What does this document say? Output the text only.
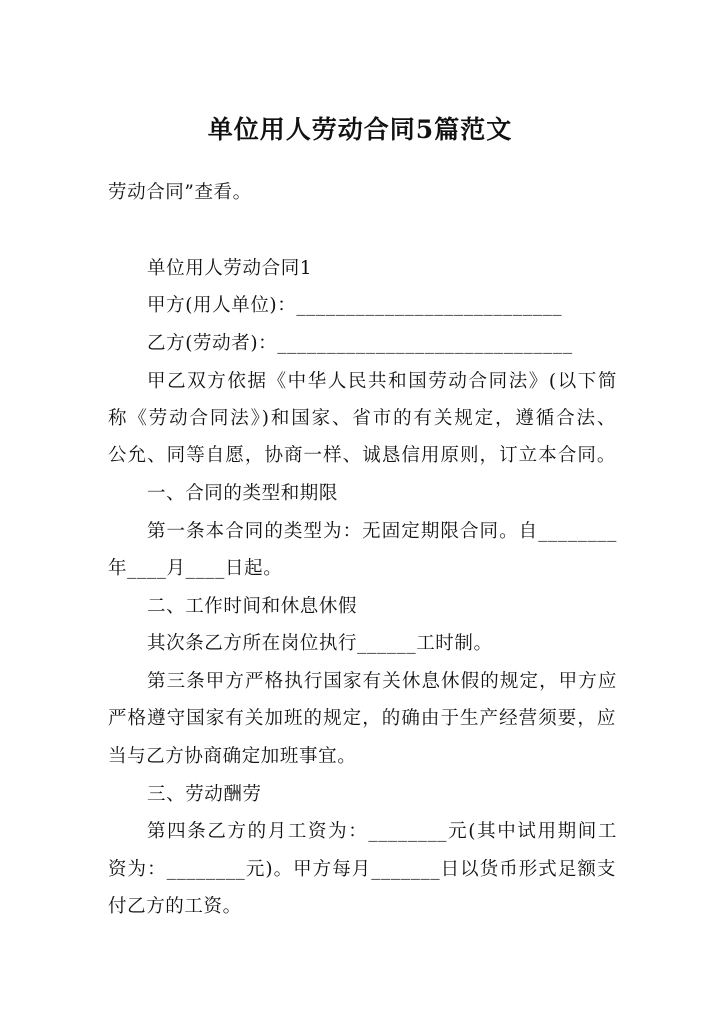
单位用人劳动合同5篇范文
劳动合同”查看。
单位用人劳动合同1
甲方(用人单位)：___________________________
乙方(劳动者)：______________________________
甲乙双方依据《中华人民共和国劳动合同法》(以下简
称《劳动合同法》)和国家、省市的有关规定，遵循合法、
公允、同等自愿，协商一样、诚恳信用原则，订立本合同。
一、合同的类型和期限
第一条本合同的类型为：无固定期限合同。自________
年____月____日起。
二、工作时间和休息休假
其次条乙方所在岗位执行______工时制。
第三条甲方严格执行国家有关休息休假的规定，甲方应
严格遵守国家有关加班的规定，的确由于生产经营须要，应
当与乙方协商确定加班事宜。
三、劳动酬劳
第四条乙方的月工资为：________元(其中试用期间工
资为：________元)。甲方每月_______日以货币形式足额支
付乙方的工资。
